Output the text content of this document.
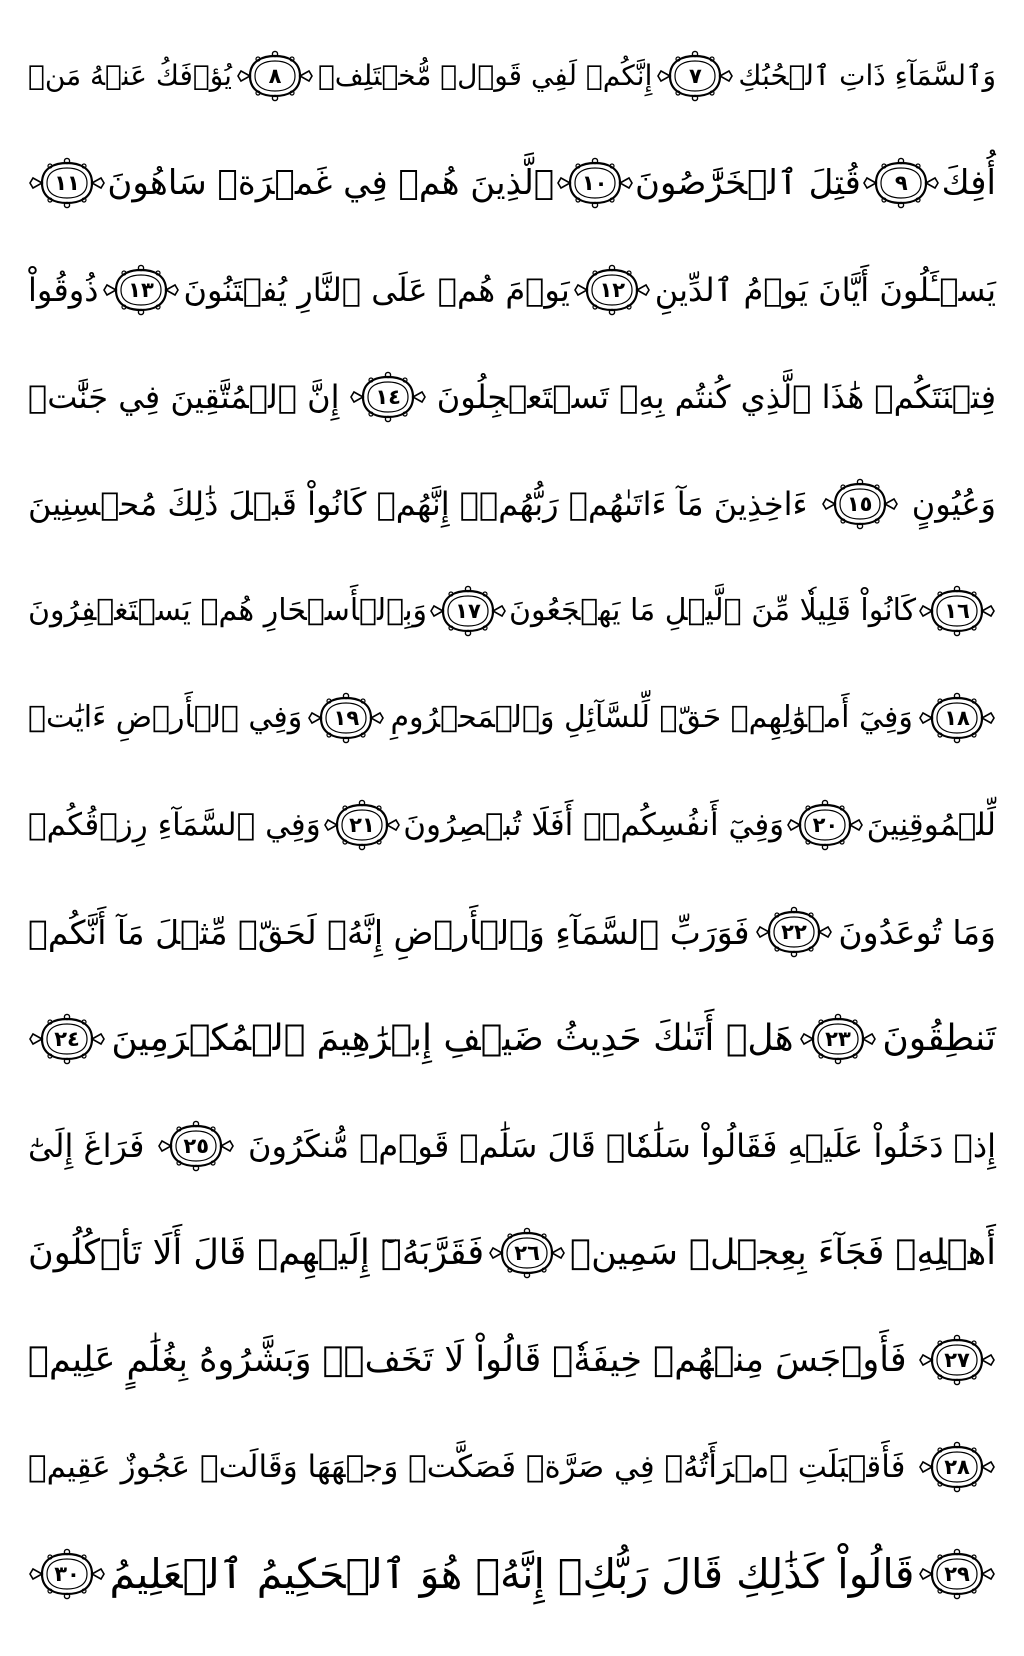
وَٱلسَّمَآءِ ذَاتِ ٱلۡحُبُكِ
٧
إِنَّكُمۡ لَفِي قَوۡلٖ مُّخۡتَلِفٖ
٨
يُؤۡفَكُ عَنۡهُ مَنۡ
أُفِكَ
٩
قُتِلَ ٱلۡخَرَّٰصُونَ
١٠
ٱلَّذِينَ هُمۡ فِي غَمۡرَةٖ سَاهُونَ
١١
يَسۡـَٔلُونَ أَيَّانَ يَوۡمُ ٱلدِّينِ
١٢
يَوۡمَ هُمۡ عَلَى ٱلنَّارِ يُفۡتَنُونَ
١٣
ذُوقُواْ
فِتۡنَتَكُمۡ هَٰذَا ٱلَّذِي كُنتُم بِهِۦ تَسۡتَعۡجِلُونَ
١٤
إِنَّ ٱلۡمُتَّقِينَ فِي جَنَّٰتٖ
وَعُيُونٍ
١٥
ءَاخِذِينَ مَآ ءَاتَىٰهُمۡ رَبُّهُمۡۚ إِنَّهُمۡ كَانُواْ قَبۡلَ ذَٰلِكَ مُحۡسِنِينَ
١٦
كَانُواْ قَلِيلٗا مِّنَ ٱلَّيۡلِ مَا يَهۡجَعُونَ
١٧
وَبِٱلۡأَسۡحَارِ هُمۡ يَسۡتَغۡفِرُونَ
١٨
وَفِيٓ أَمۡوَٰلِهِمۡ حَقّٞ لِّلسَّآئِلِ وَٱلۡمَحۡرُومِ
١٩
وَفِي ٱلۡأَرۡضِ ءَايَٰتٞ
لِّلۡمُوقِنِينَ
٢٠
وَفِيٓ أَنفُسِكُمۡۚ أَفَلَا تُبۡصِرُونَ
٢١
وَفِي ٱلسَّمَآءِ رِزۡقُكُمۡ
وَمَا تُوعَدُونَ
٢٢
فَوَرَبِّ ٱلسَّمَآءِ وَٱلۡأَرۡضِ إِنَّهُۥ لَحَقّٞ مِّثۡلَ مَآ أَنَّكُمۡ
تَنطِقُونَ
٢٣
هَلۡ أَتَىٰكَ حَدِيثُ ضَيۡفِ إِبۡرَٰهِيمَ ٱلۡمُكۡرَمِينَ
٢٤
إِذۡ دَخَلُواْ عَلَيۡهِ فَقَالُواْ سَلَٰمٗاۖ قَالَ سَلَٰمٞ قَوۡمٞ مُّنكَرُونَ
٢٥
فَرَاغَ إِلَىٰٓ
أَهۡلِهِۦ فَجَآءَ بِعِجۡلٖ سَمِينٖ
٢٦
فَقَرَّبَهُۥٓ إِلَيۡهِمۡ قَالَ أَلَا تَأۡكُلُونَ
٢٧
فَأَوۡجَسَ مِنۡهُمۡ خِيفَةٗۖ قَالُواْ لَا تَخَفۡۖ وَبَشَّرُوهُ بِغُلَٰمٍ عَلِيمٖ
٢٨
فَأَقۡبَلَتِ ٱمۡرَأَتُهُۥ فِي صَرَّةٖ فَصَكَّتۡ وَجۡهَهَا وَقَالَتۡ عَجُوزٌ عَقِيمٞ
٢٩
قَالُواْ كَذَٰلِكِ قَالَ رَبُّكِۖ إِنَّهُۥ هُوَ ٱلۡحَكِيمُ ٱلۡعَلِيمُ
٣٠
